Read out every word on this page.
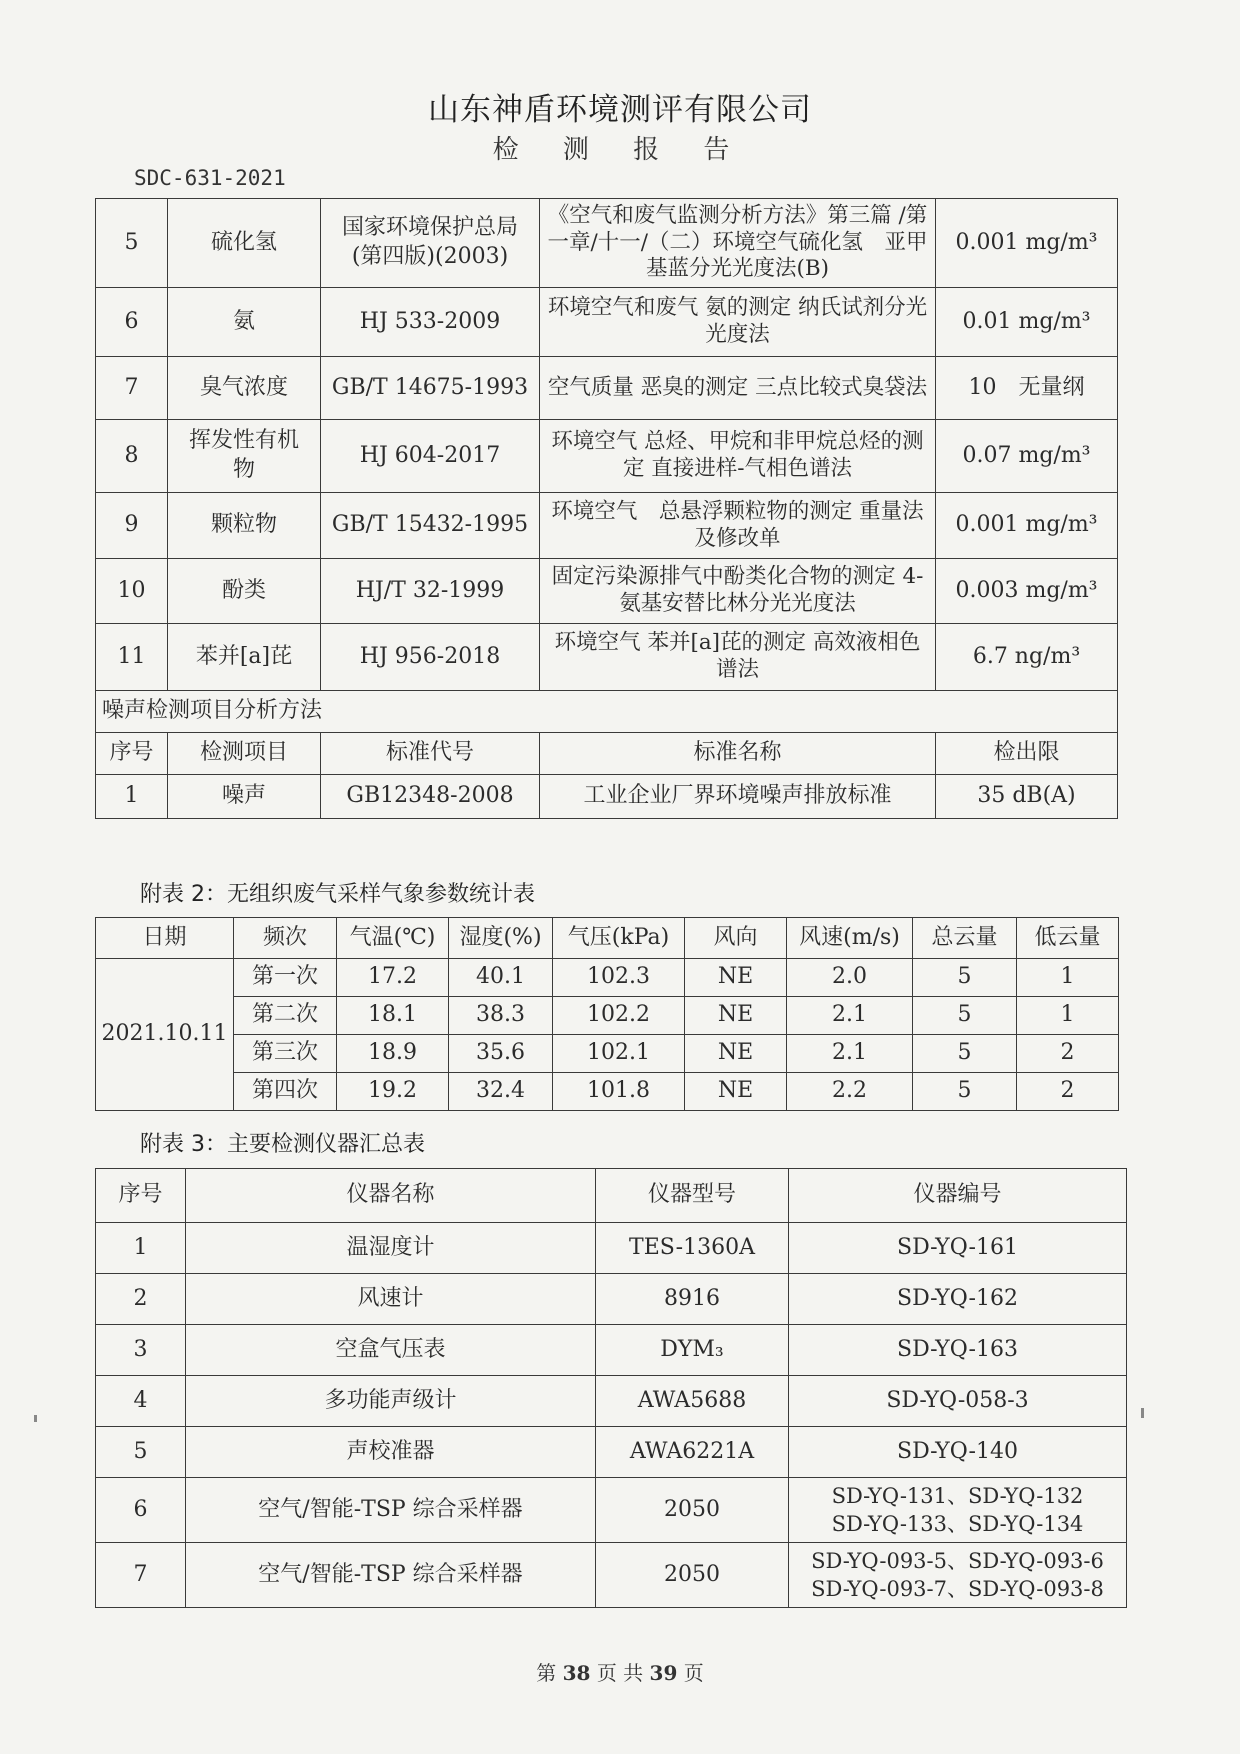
山东神盾环境测评有限公司
检 测 报 告
SDC-631-2021
5	硫化氢	国家环境保护总局 (第四版)(2003)	《空气和废气监测分析方法》第三篇 /第一章/十一/（二）环境空气硫化氢　亚甲基蓝分光光度法(B)	0.001 mg/m³
6	氨	HJ 533-2009	环境空气和废气 氨的测定 纳氏试剂分光光度法	0.01 mg/m³
7	臭气浓度	GB/T 14675-1993	空气质量 恶臭的测定 三点比较式臭袋法	10　无量纲
8	挥发性有机物	HJ 604-2017	环境空气 总烃、甲烷和非甲烷总烃的测定 直接进样-气相色谱法	0.07 mg/m³
9	颗粒物	GB/T 15432-1995	环境空气　总悬浮颗粒物的测定 重量法及修改单	0.001 mg/m³
10	酚类	HJ/T 32-1999	固定污染源排气中酚类化合物的测定 4-氨基安替比林分光光度法	0.003 mg/m³
11	苯并[a]芘	HJ 956-2018	环境空气 苯并[a]芘的测定 高效液相色谱法	6.7 ng/m³
噪声检测项目分析方法				
序号	检测项目	标准代号	标准名称	检出限
1	噪声	GB12348-2008	工业企业厂界环境噪声排放标准	35 dB(A)
附表 2：无组织废气采样气象参数统计表
日期	频次	气温(℃)	湿度(%)	气压(kPa)	风向	风速(m/s)	总云量	低云量
2021.10.11	第一次	17.2	40.1	102.3	NE	2.0	5	1
	第二次	18.1	38.3	102.2	NE	2.1	5	1
	第三次	18.9	35.6	102.1	NE	2.1	5	2
	第四次	19.2	32.4	101.8	NE	2.2	5	2
附表 3：主要检测仪器汇总表
序号	仪器名称	仪器型号	仪器编号
1	温湿度计	TES-1360A	SD-YQ-161
2	风速计	8916	SD-YQ-162
3	空盒气压表	DYM₃	SD-YQ-163
4	多功能声级计	AWA5688	SD-YQ-058-3
5	声校准器	AWA6221A	SD-YQ-140
6	空气/智能-TSP 综合采样器	2050	SD-YQ-131、SD-YQ-132
SD-YQ-133、SD-YQ-134

7	空气/智能-TSP 综合采样器	2050	SD-YQ-093-5、SD-YQ-093-6
SD-YQ-093-7、SD-YQ-093-8
第 38 页 共 39 页
